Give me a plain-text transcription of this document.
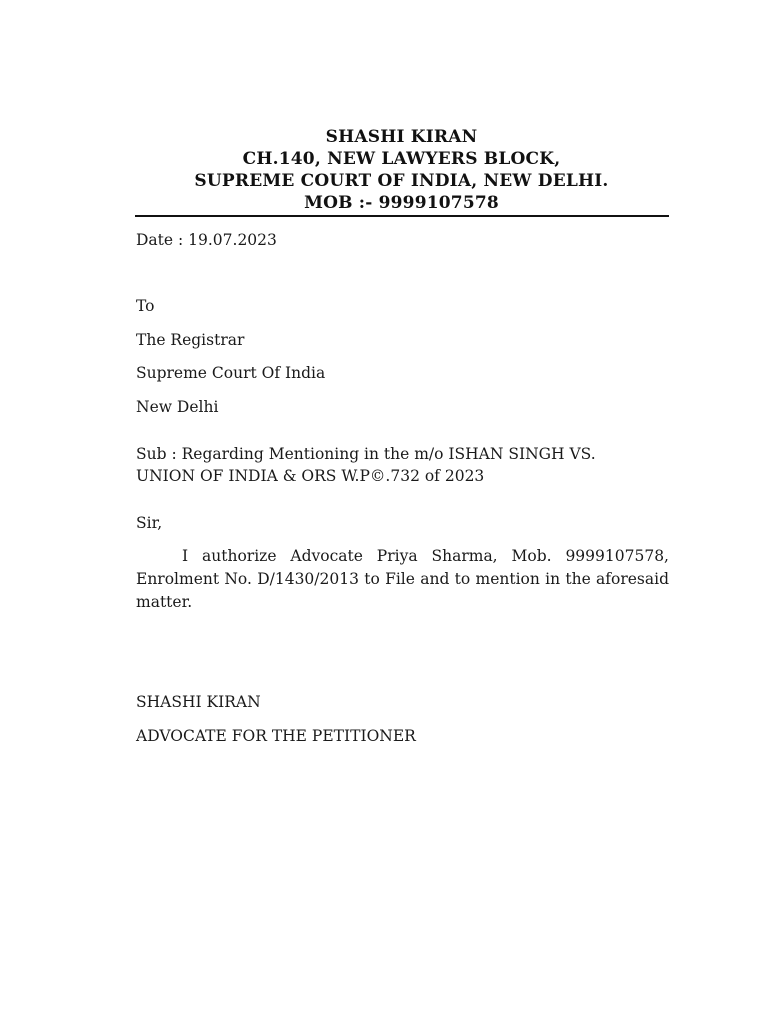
SHASHI KIRAN
CH.140, NEW LAWYERS BLOCK,
SUPREME COURT OF INDIA, NEW DELHI.
MOB :- 9999107578
Date : 19.07.2023
To
The Registrar
Supreme Court Of India
New Delhi
Sub : Regarding Mentioning in the m/o ISHAN SINGH VS.
UNION OF INDIA & ORS W.P©.732 of 2023
Sir,
I authorize Advocate Priya Sharma, Mob. 9999107578, Enrolment No. D/1430/2013 to File and to mention in the aforesaid matter.
SHASHI KIRAN
ADVOCATE FOR THE PETITIONER
